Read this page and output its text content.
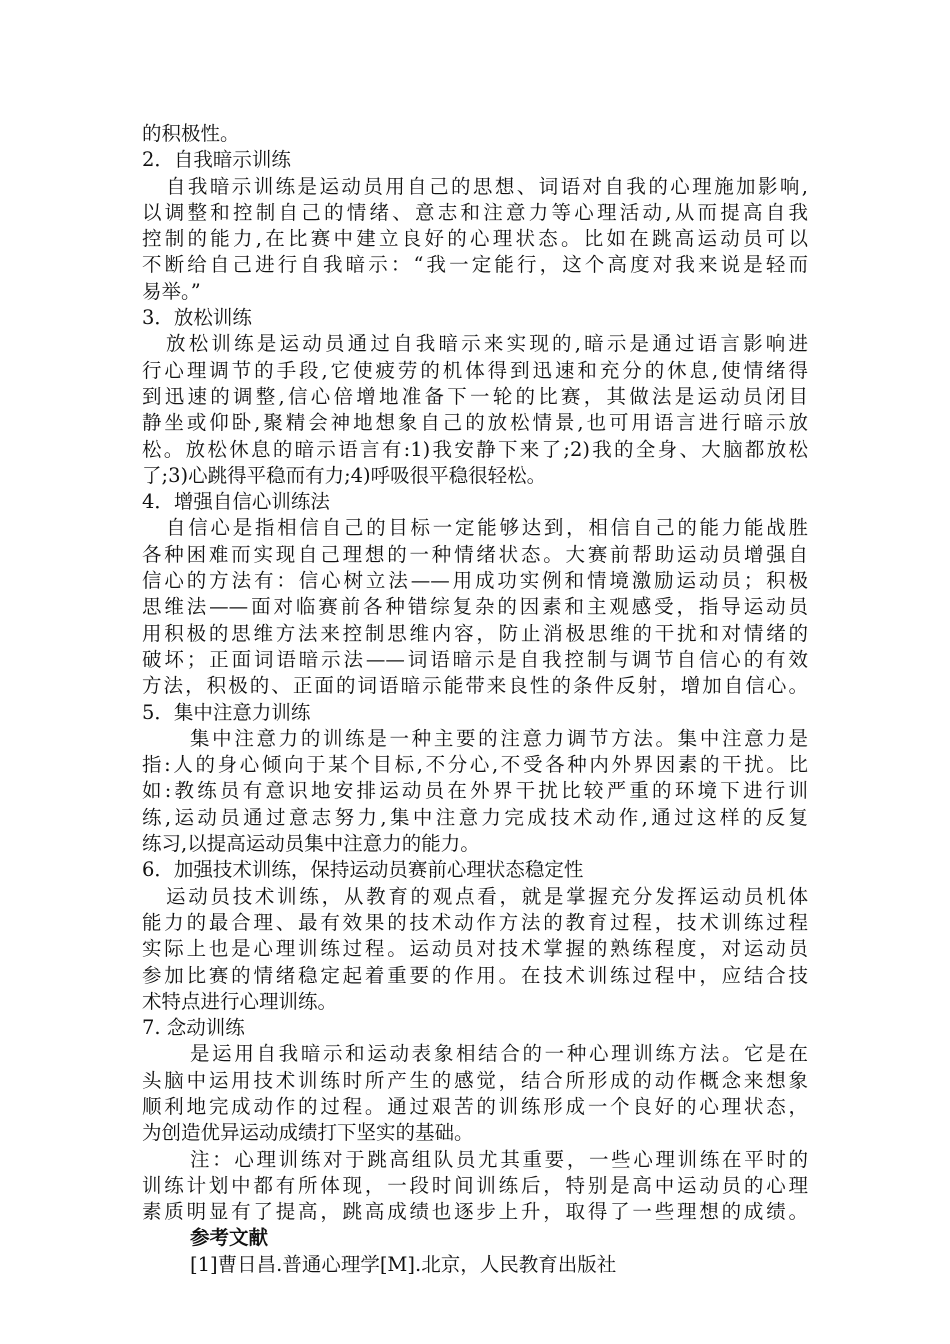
的积极性。
2．自我暗示训练
自我暗示训练是运动员用自己的思想、词语对自我的心理施加影响,
以调整和控制自己的情绪、意志和注意力等心理活动,从而提高自我
控制的能力,在比赛中建立良好的心理状态。比如在跳高运动员可以
不断给自己进行自我暗示：“我一定能行，这个高度对我来说是轻而
易举。”
3．放松训练
放松训练是运动员通过自我暗示来实现的,暗示是通过语言影响进
行心理调节的手段,它使疲劳的机体得到迅速和充分的休息,使情绪得
到迅速的调整,信心倍增地准备下一轮的比赛，其做法是运动员闭目
静坐或仰卧,聚精会神地想象自己的放松情景,也可用语言进行暗示放
松。放松休息的暗示语言有:1)我安静下来了;2)我的全身、大脑都放松
了;3)心跳得平稳而有力;4)呼吸很平稳很轻松。
4．增强自信心训练法
自信心是指相信自己的目标一定能够达到，相信自己的能力能战胜
各种困难而实现自己理想的一种情绪状态。大赛前帮助运动员增强自
信心的方法有：信心树立法——用成功实例和情境激励运动员；积极
思维法——面对临赛前各种错综复杂的因素和主观感受，指导运动员
用积极的思维方法来控制思维内容，防止消极思维的干扰和对情绪的
破坏；正面词语暗示法——词语暗示是自我控制与调节自信心的有效
方法，积极的、正面的词语暗示能带来良性的条件反射，增加自信心。
5．集中注意力训练
集中注意力的训练是一种主要的注意力调节方法。集中注意力是
指:人的身心倾向于某个目标,不分心,不受各种内外界因素的干扰。比
如:教练员有意识地安排运动员在外界干扰比较严重的环境下进行训
练,运动员通过意志努力,集中注意力完成技术动作,通过这样的反复
练习,以提高运动员集中注意力的能力。
6．加强技术训练，保持运动员赛前心理状态稳定性
运动员技术训练，从教育的观点看，就是掌握充分发挥运动员机体
能力的最合理、最有效果的技术动作方法的教育过程，技术训练过程
实际上也是心理训练过程。运动员对技术掌握的熟练程度，对运动员
参加比赛的情绪稳定起着重要的作用。在技术训练过程中，应结合技
术特点进行心理训练。
7. 念动训练
是运用自我暗示和运动表象相结合的一种心理训练方法。它是在
头脑中运用技术训练时所产生的感觉，结合所形成的动作概念来想象
顺利地完成动作的过程。通过艰苦的训练形成一个良好的心理状态，
为创造优异运动成绩打下坚实的基础。
注：心理训练对于跳高组队员尤其重要，一些心理训练在平时的
训练计划中都有所体现，一段时间训练后，特别是高中运动员的心理
素质明显有了提高，跳高成绩也逐步上升，取得了一些理想的成绩。
参考文献
[1]曹日昌.普通心理学[M].北京，人民教育出版社
